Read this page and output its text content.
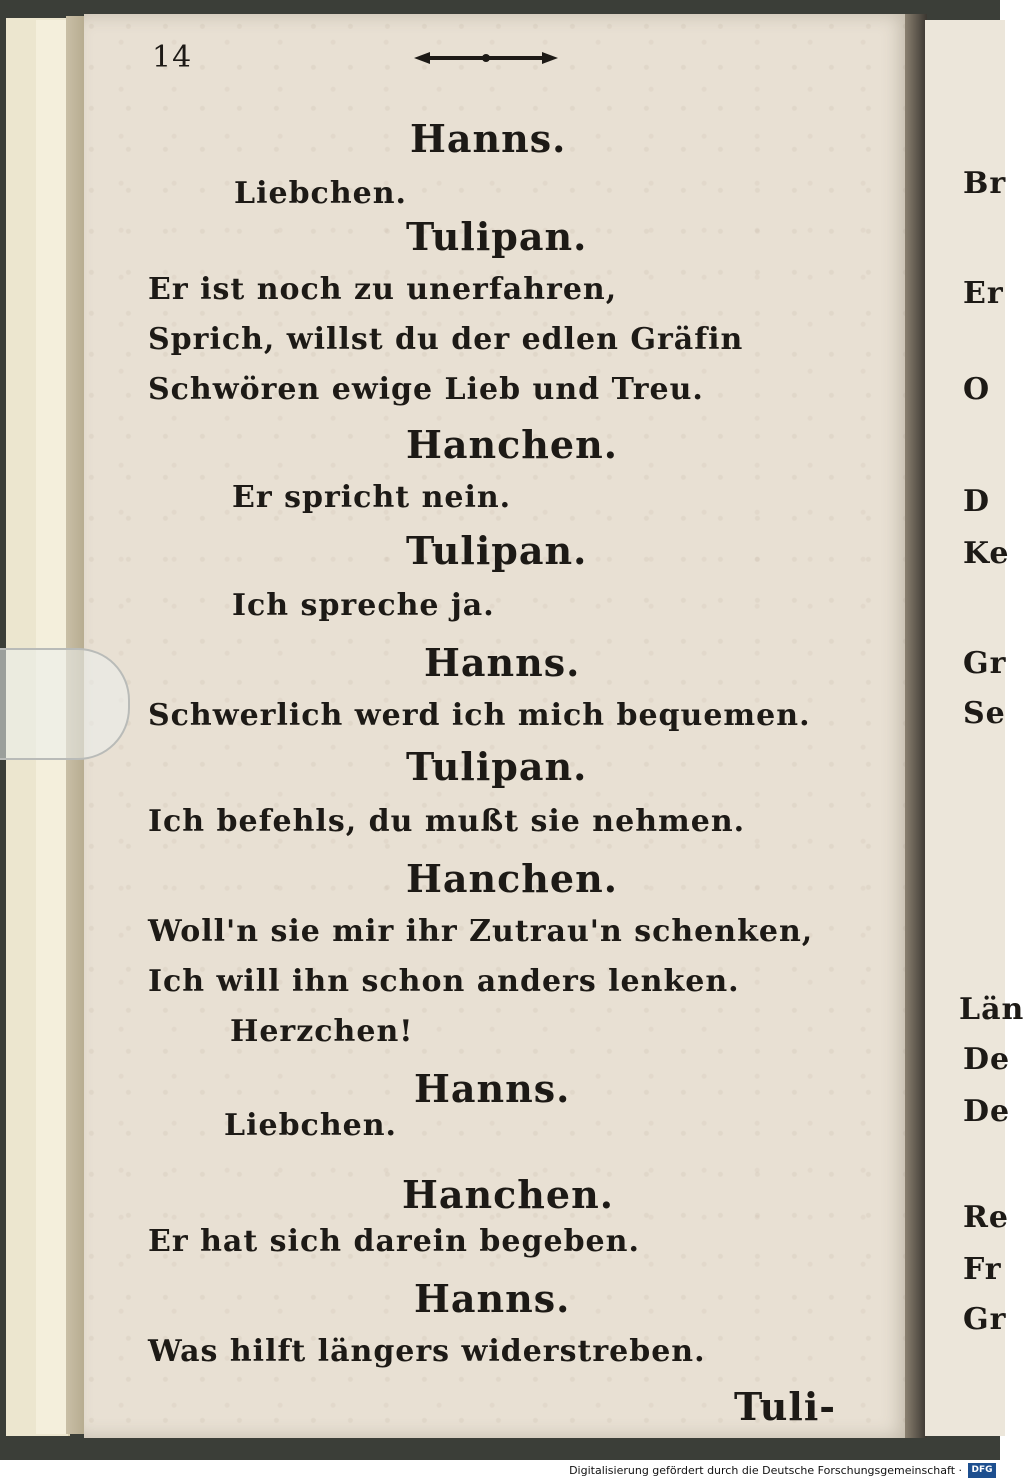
14
Hanns.
Liebchen.
Tulipan.
Er ist noch zu unerfahren,
Sprich, willst du der edlen Gräfin
Schwören ewige Lieb und Treu.
Hanchen.
Er spricht nein.
Tulipan.
Ich spreche ja.
Hanns.
Schwerlich werd ich mich bequemen.
Tulipan.
Ich befehls, du mußt sie nehmen.
Hanchen.
Woll'n sie mir ihr Zutrau'n schenken,
Ich will ihn schon anders lenken.
Herzchen!
Hanns.
Liebchen.
Hanchen.
Er hat sich darein begeben.
Hanns.
Was hilft längers widerstreben.
Tuli-
Br
Er
O
D
Ke
Gr
Se
Län
De
De
Re
Fr
Gr
Digitalisierung gefördert durch die Deutsche Forschungsgemeinschaft ·	DFG
